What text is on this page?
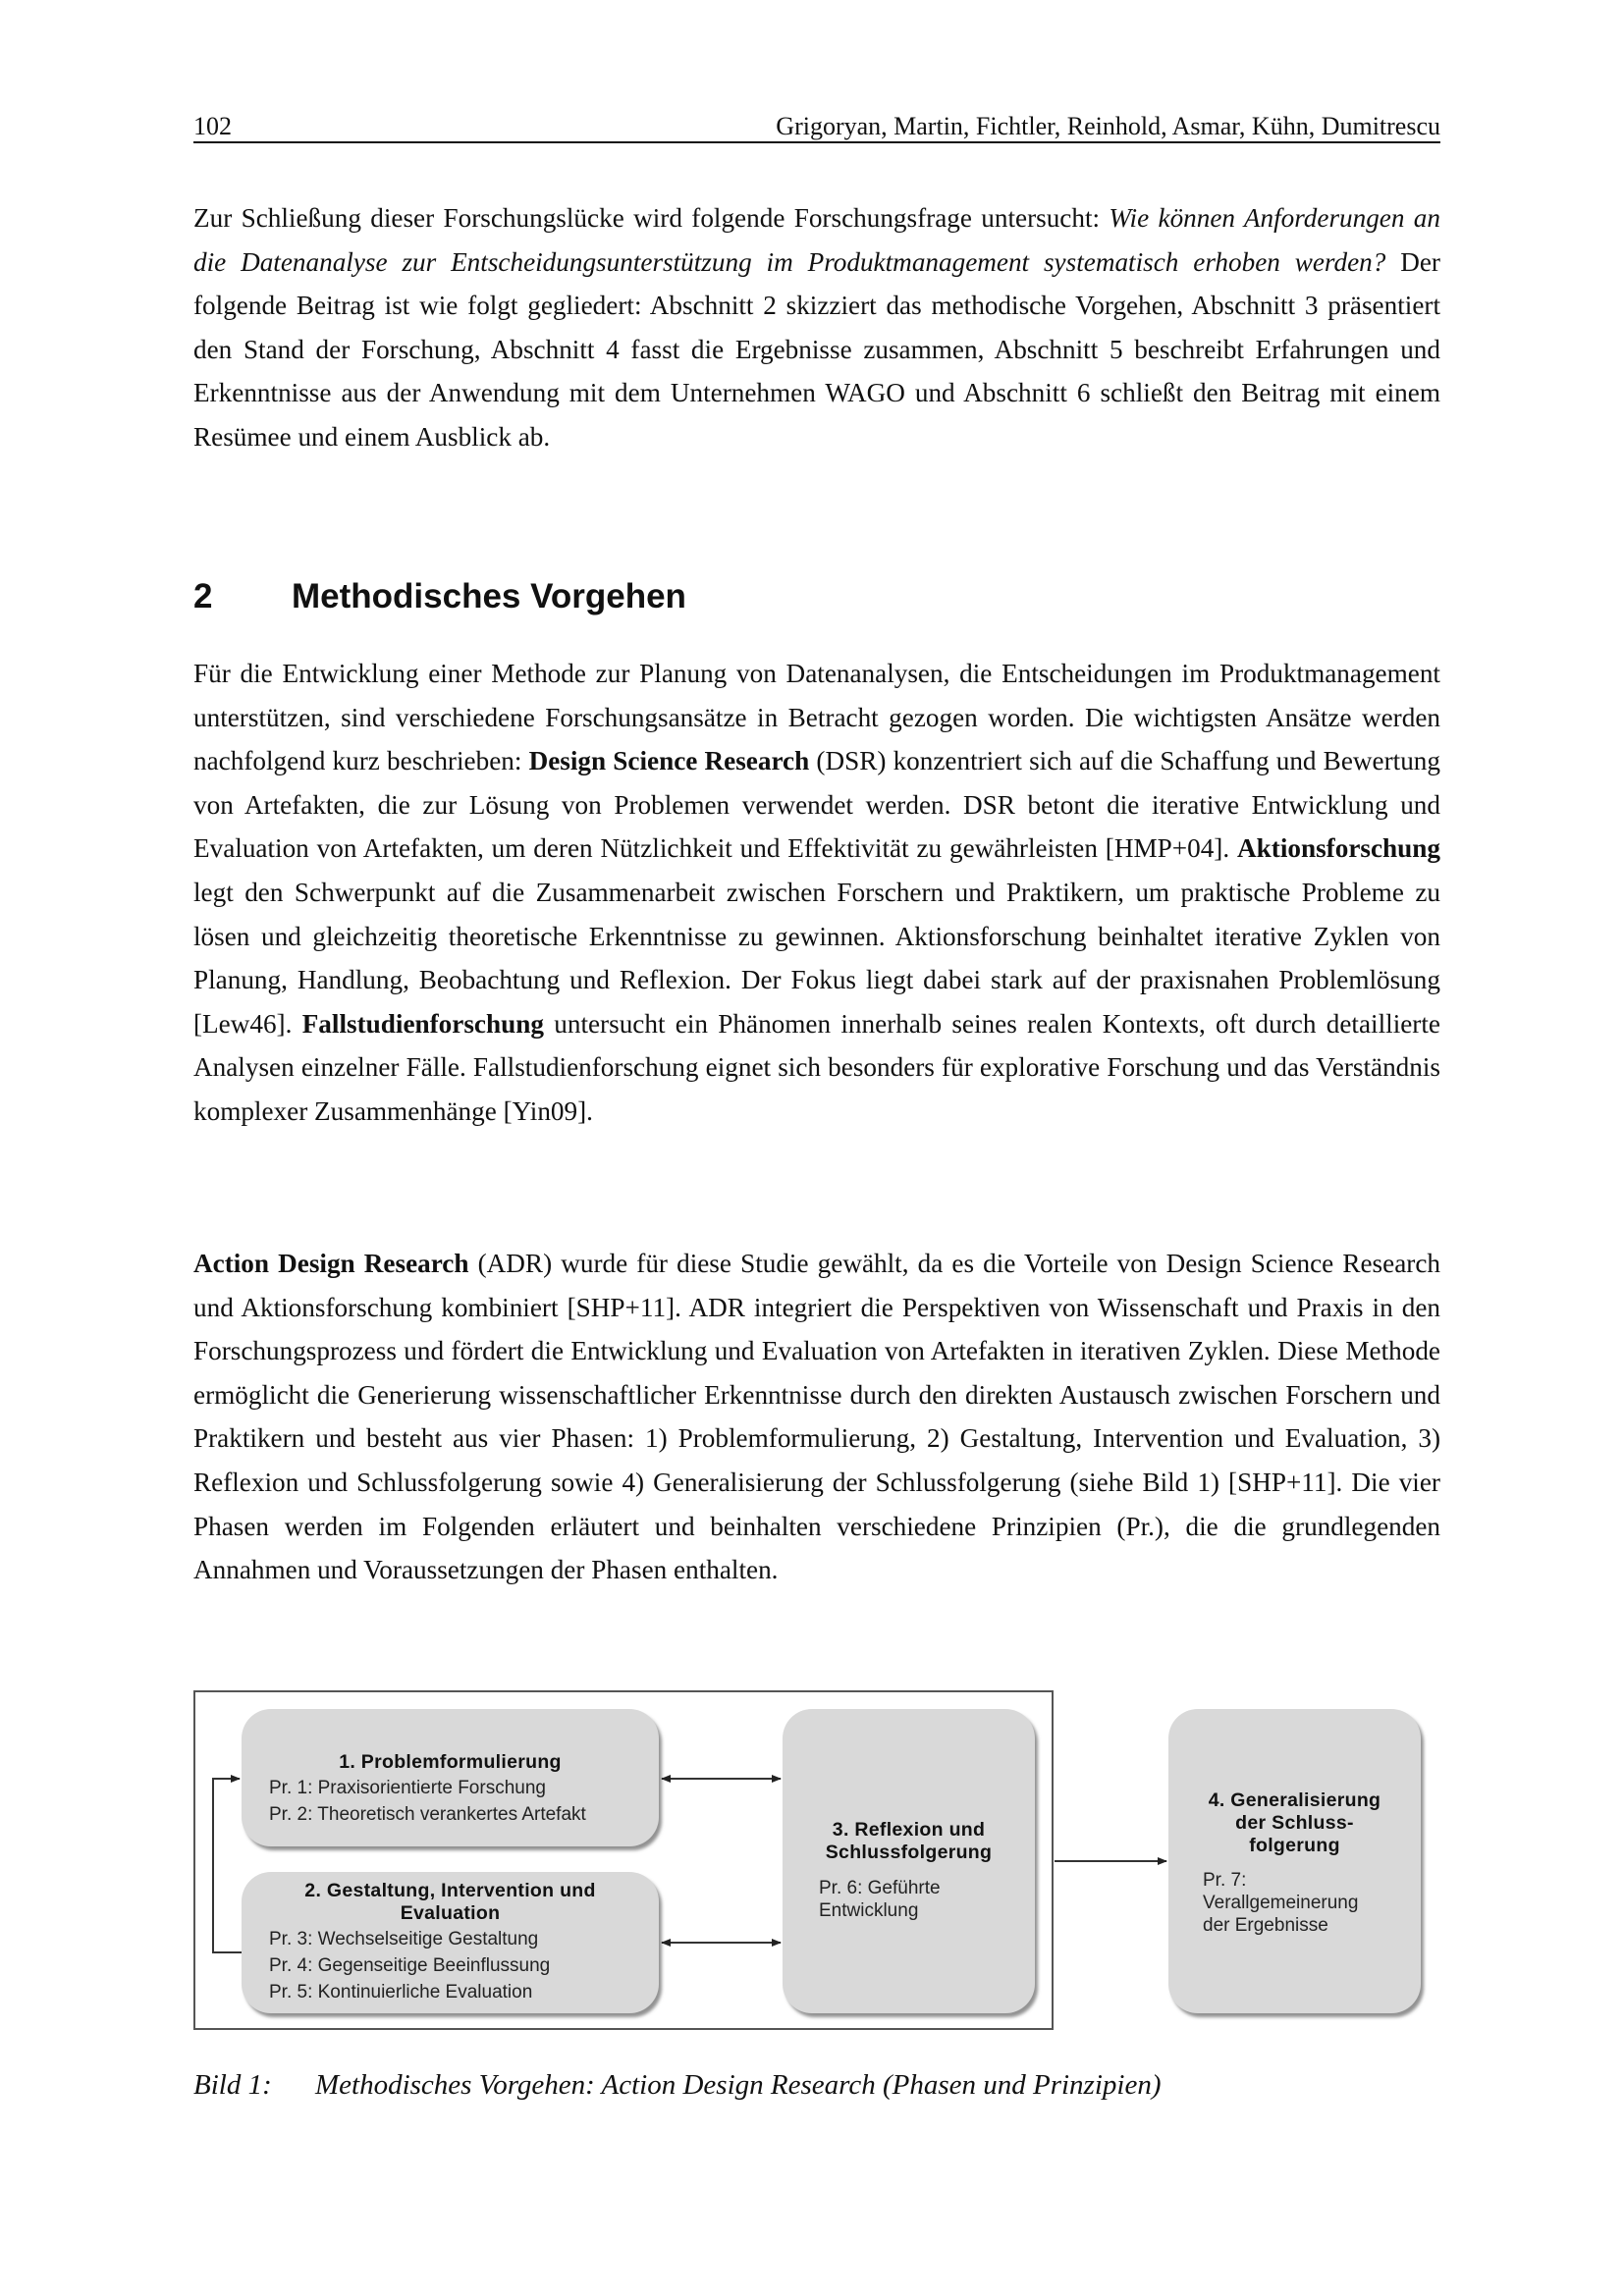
102	Grigoryan, Martin, Fichtler, Reinhold, Asmar, Kühn, Dumitrescu

Zur Schließung dieser Forschungslücke wird folgende Forschungsfrage untersucht: Wie können Anforderungen an die Datenanalyse zur Entscheidungsunterstützung im Produktmanagement systematisch erhoben werden? Der folgende Beitrag ist wie folgt gegliedert: Abschnitt 2 skizziert das methodische Vorgehen, Abschnitt 3 präsentiert den Stand der Forschung, Abschnitt 4 fasst die Ergebnisse zusammen, Abschnitt 5 beschreibt Erfahrungen und Erkenntnisse aus der Anwendung mit dem Unternehmen WAGO und Abschnitt 6 schließt den Beitrag mit einem Resümee und einem Ausblick ab.

2 Methodisches Vorgehen

Für die Entwicklung einer Methode zur Planung von Datenanalysen, die Entscheidungen im Produktmanagement unterstützen, sind verschiedene Forschungsansätze in Betracht gezogen worden. Die wichtigsten Ansätze werden nachfolgend kurz beschrieben: Design Science Research (DSR) konzentriert sich auf die Schaffung und Bewertung von Artefakten, die zur Lösung von Problemen verwendet werden. DSR betont die iterative Entwicklung und Evaluation von Artefakten, um deren Nützlichkeit und Effektivität zu gewährleisten [HMP+04]. Aktionsforschung legt den Schwerpunkt auf die Zusammenarbeit zwischen Forschern und Praktikern, um praktische Probleme zu lösen und gleichzeitig theoretische Erkenntnisse zu gewinnen. Aktionsforschung beinhaltet iterative Zyklen von Planung, Handlung, Beobachtung und Reflexion. Der Fokus liegt dabei stark auf der praxisnahen Problemlösung [Lew46]. Fallstudienforschung untersucht ein Phänomen innerhalb seines realen Kontexts, oft durch detaillierte Analysen einzelner Fälle. Fallstudienforschung eignet sich besonders für explorative Forschung und das Verständnis komplexer Zusammenhänge [Yin09].

Action Design Research (ADR) wurde für diese Studie gewählt, da es die Vorteile von Design Science Research und Aktionsforschung kombiniert [SHP+11]. ADR integriert die Perspektiven von Wissenschaft und Praxis in den Forschungsprozess und fördert die Entwicklung und Evaluation von Artefakten in iterativen Zyklen. Diese Methode ermöglicht die Generierung wissenschaftlicher Erkenntnisse durch den direkten Austausch zwischen Forschern und Praktikern und besteht aus vier Phasen: 1) Problemformulierung, 2) Gestaltung, Intervention und Evaluation, 3) Reflexion und Schlussfolgerung sowie 4) Generalisierung der Schlussfolgerung (siehe Bild 1) [SHP+11]. Die vier Phasen werden im Folgenden erläutert und beinhalten verschiedene Prinzipien (Pr.), die die grundlegenden Annahmen und Voraussetzungen der Phasen enthalten.

1. Problemformulierung
Pr. 1: Praxisorientierte Forschung
Pr. 2: Theoretisch verankertes Artefakt
2. Gestaltung, Intervention und
Evaluation
Pr. 3: Wechselseitige Gestaltung
Pr. 4: Gegenseitige Beeinflussung
Pr. 5: Kontinuierliche Evaluation
3. Reflexion und
Schlussfolgerung
Pr. 6: Geführte
Entwicklung
4. Generalisierung
der Schluss-
folgerung
Pr. 7:
Verallgemeinerung
der Ergebnisse
Bild 1: Methodisches Vorgehen: Action Design Research (Phasen und Prinzipien)
